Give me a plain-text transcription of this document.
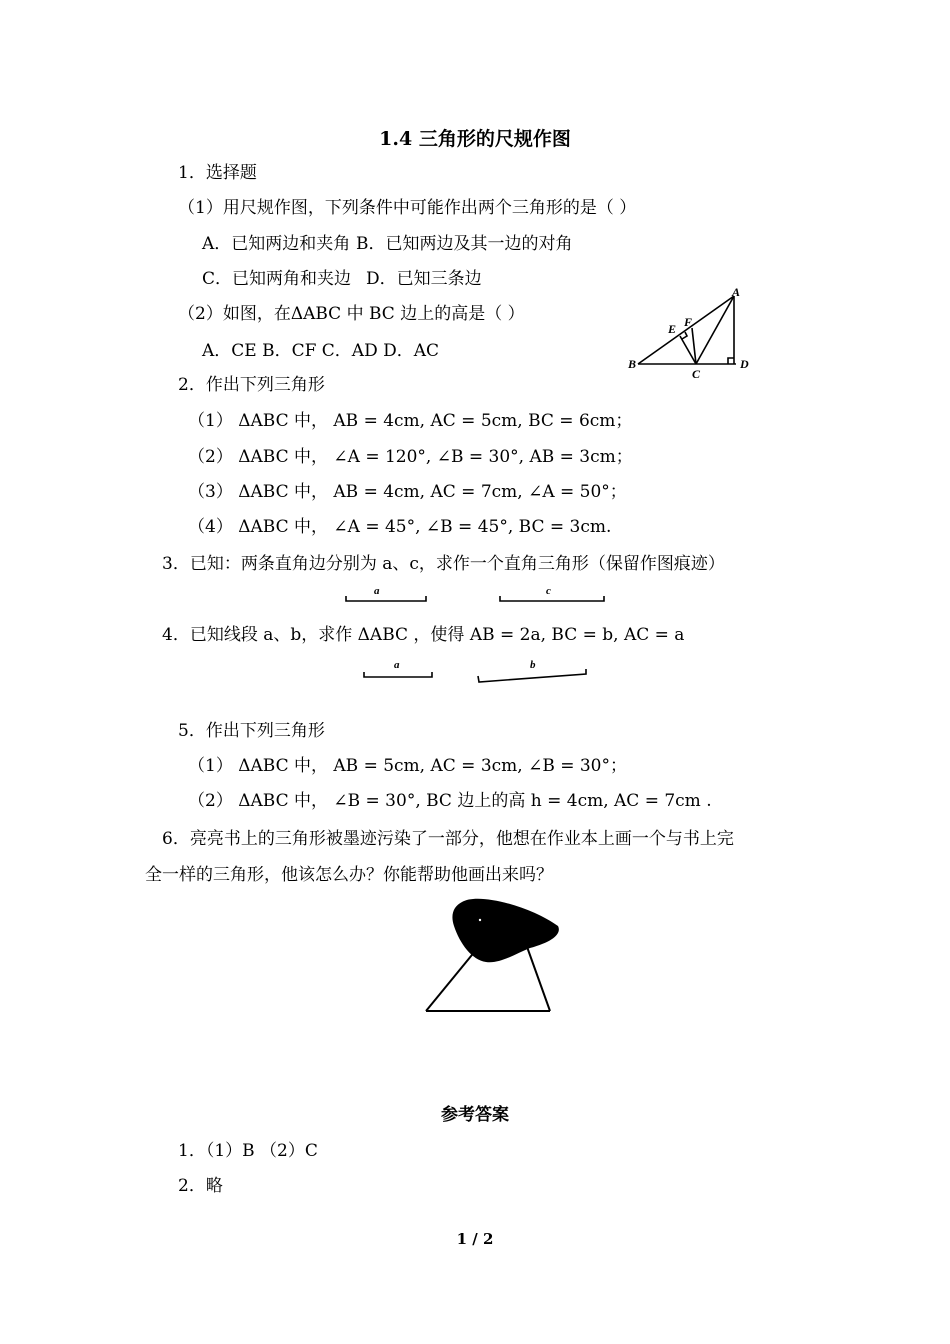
1.4 三角形的尺规作图
1．选择题
（1）用尺规作图，下列条件中可能作出两个三角形的是（ ）
A．已知两边和夹角 B．已知两边及其一边的对角
C．已知两角和夹边 D．已知三条边
（2）如图，在ΔABC 中 BC 边上的高是（ ）
A．CE B．CF C．AD D．AC
A
E F
B
C
D
2．作出下列三角形
（1） ΔABC 中， AB = 4cm, AC = 5cm, BC = 6cm；
（2） ΔABC 中， ∠A = 120°, ∠B = 30°, AB = 3cm；
（3） ΔABC 中， AB = 4cm, AC = 7cm, ∠A = 50°；
（4） ΔABC 中， ∠A = 45°, ∠B = 45°, BC = 3cm.
3．已知：两条直角边分别为 a、c，求作一个直角三角形（保留作图痕迹）
a	c
4．已知线段 a、b，求作 ΔABC ，使得 AB = 2a, BC = b, AC = a
a	b
5．作出下列三角形
（1） ΔABC 中， AB = 5cm, AC = 3cm, ∠B = 30°；
（2） ΔABC 中， ∠B = 30°, BC 边上的高 h = 4cm, AC = 7cm .
6．亮亮书上的三角形被墨迹污染了一部分，他想在作业本上画一个与书上完
全一样的三角形，他该怎么办？你能帮助他画出来吗？
参考答案
1．（1）B （2）C
2．略
1 / 2
